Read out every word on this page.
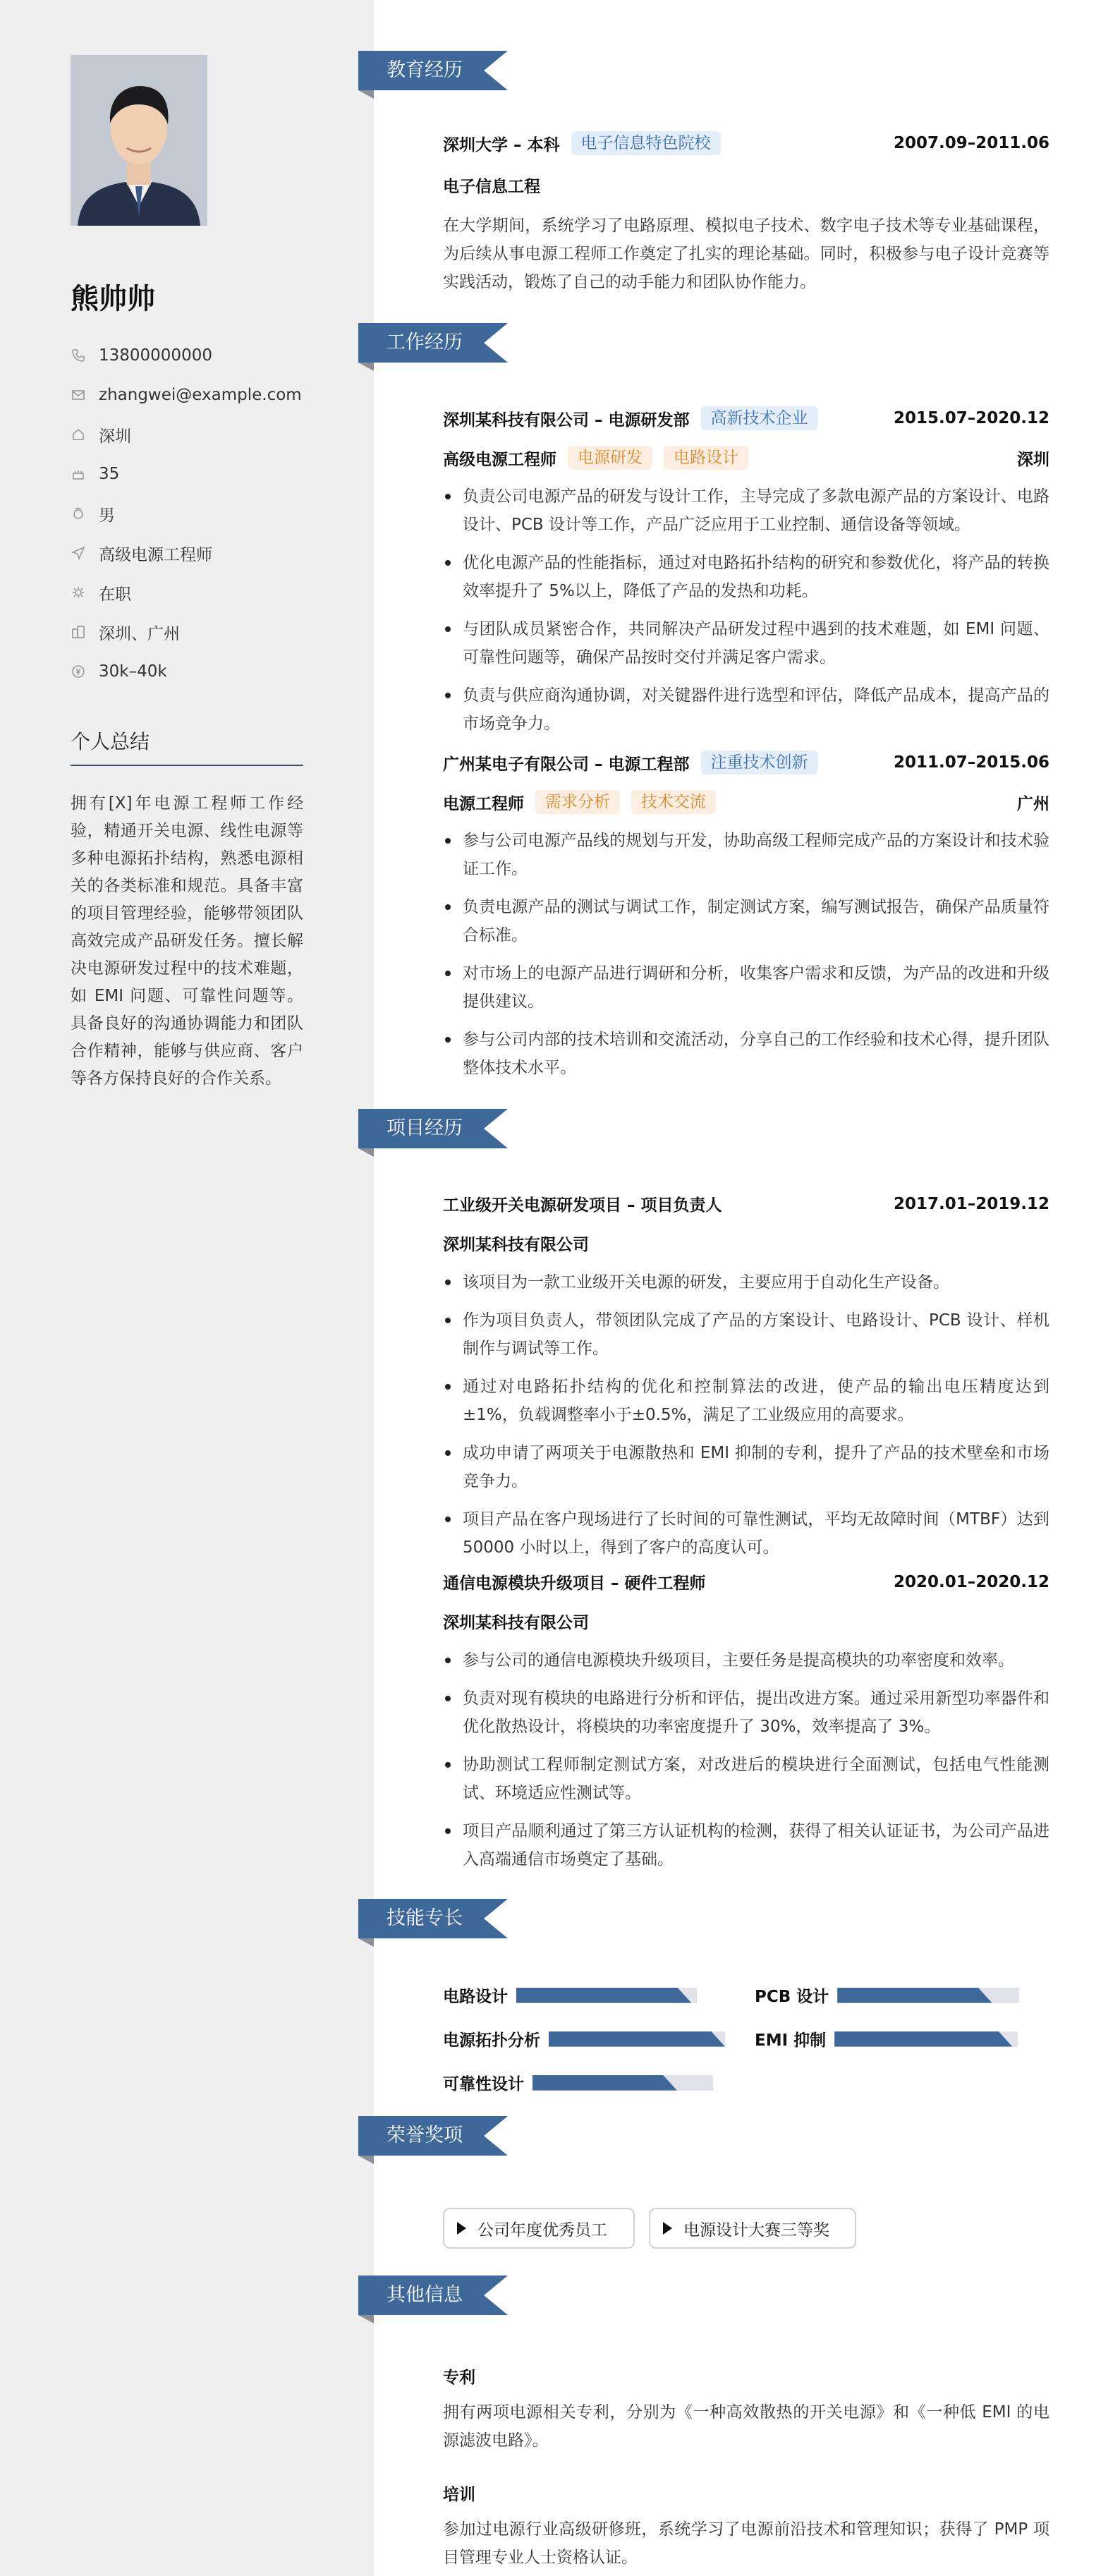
熊帅帅
13800000000
zhangwei@example.com
深圳
35
男
高级电源工程师
在职
深圳、广州
30k–40k
个人总结
拥有[X]年电源工程师工作经验，精通开关电源、线性电源等多种电源拓扑结构，熟悉电源相关的各类标准和规范。具备丰富的项目管理经验，能够带领团队高效完成产品研发任务。擅长解决电源研发过程中的技术难题，如 EMI 问题、可靠性问题等。具备良好的沟通协调能力和团队合作精神，能够与供应商、客户等各方保持良好的合作关系。
教育经历
深圳大学 – 本科	电子信息特色院校	2007.09–2011.06
电子信息工程
在大学期间，系统学习了电路原理、模拟电子技术、数字电子技术等专业基础课程，为后续从事电源工程师工作奠定了扎实的理论基础。同时，积极参与电子设计竞赛等实践活动，锻炼了自己的动手能力和团队协作能力。
工作经历
深圳某科技有限公司 – 电源研发部	高新技术企业	2015.07–2020.12
高级电源工程师	电源研发	电路设计	深圳
负责公司电源产品的研发与设计工作，主导完成了多款电源产品的方案设计、电路设计、PCB 设计等工作，产品广泛应用于工业控制、通信设备等领域。
优化电源产品的性能指标，通过对电路拓扑结构的研究和参数优化，将产品的转换效率提升了 5%以上，降低了产品的发热和功耗。
与团队成员紧密合作，共同解决产品研发过程中遇到的技术难题，如 EMI 问题、可靠性问题等，确保产品按时交付并满足客户需求。
负责与供应商沟通协调，对关键器件进行选型和评估，降低产品成本，提高产品的市场竞争力。
广州某电子有限公司 – 电源工程部	注重技术创新	2011.07–2015.06
电源工程师	需求分析	技术交流	广州
参与公司电源产品线的规划与开发，协助高级工程师完成产品的方案设计和技术验证工作。
负责电源产品的测试与调试工作，制定测试方案，编写测试报告，确保产品质量符合标准。
对市场上的电源产品进行调研和分析，收集客户需求和反馈，为产品的改进和升级提供建议。
参与公司内部的技术培训和交流活动，分享自己的工作经验和技术心得，提升团队整体技术水平。
项目经历
工业级开关电源研发项目 – 项目负责人	2017.01–2019.12
深圳某科技有限公司
该项目为一款工业级开关电源的研发，主要应用于自动化生产设备。
作为项目负责人，带领团队完成了产品的方案设计、电路设计、PCB 设计、样机制作与调试等工作。
通过对电路拓扑结构的优化和控制算法的改进，使产品的输出电压精度达到±1%，负载调整率小于±0.5%，满足了工业级应用的高要求。
成功申请了两项关于电源散热和 EMI 抑制的专利，提升了产品的技术壁垒和市场竞争力。
项目产品在客户现场进行了长时间的可靠性测试，平均无故障时间（MTBF）达到 50000 小时以上，得到了客户的高度认可。
通信电源模块升级项目 – 硬件工程师	2020.01–2020.12
深圳某科技有限公司
参与公司的通信电源模块升级项目，主要任务是提高模块的功率密度和效率。
负责对现有模块的电路进行分析和评估，提出改进方案。通过采用新型功率器件和优化散热设计，将模块的功率密度提升了 30%，效率提高了 3%。
协助测试工程师制定测试方案，对改进后的模块进行全面测试，包括电气性能测试、环境适应性测试等。
项目产品顺利通过了第三方认证机构的检测，获得了相关认证证书，为公司产品进入高端通信市场奠定了基础。
技能专长
电路设计	PCB 设计
电源拓扑分析	EMI 抑制
可靠性设计
荣誉奖项
公司年度优秀员工	电源设计大赛三等奖
其他信息
专利
拥有两项电源相关专利，分别为《一种高效散热的开关电源》和《一种低 EMI 的电源滤波电路》。
培训
参加过电源行业高级研修班，系统学习了电源前沿技术和管理知识；获得了 PMP 项目管理专业人士资格认证。
